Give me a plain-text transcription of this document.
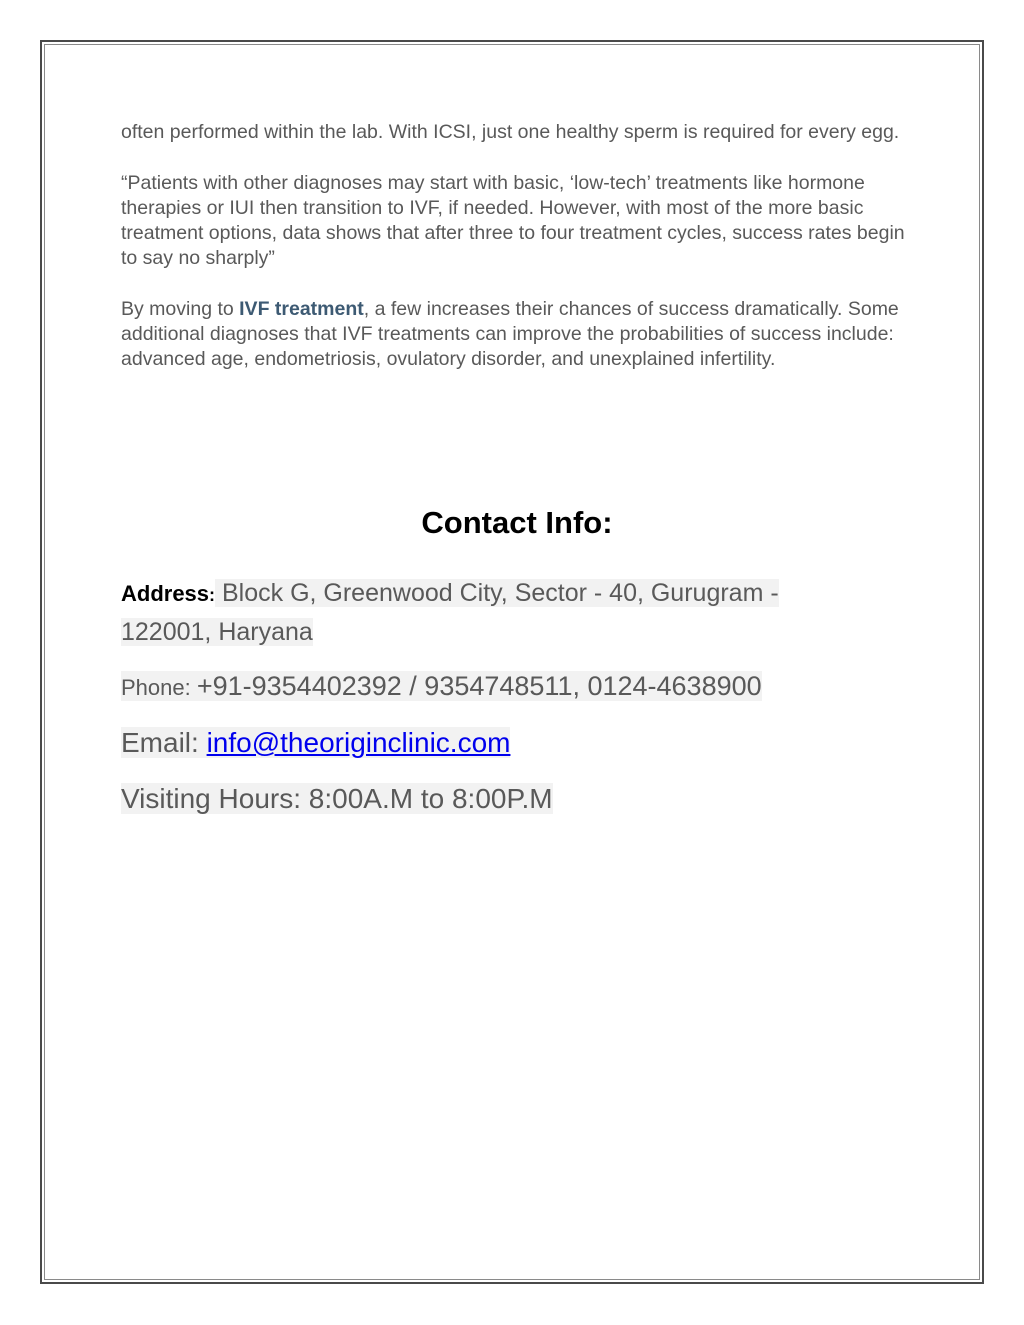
often performed within the lab. With ICSI, just one healthy sperm is required for every egg.

“Patients with other diagnoses may start with basic, ‘low-tech’ treatments like hormone therapies or IUI then transition to IVF, if needed. However, with most of the more basic treatment options, data shows that after three to four treatment cycles, success rates begin to say no sharply”

By moving to IVF treatment, a few increases their chances of success dramatically. Some additional diagnoses that IVF treatments can improve the probabilities of success include: advanced age, endometriosis, ovulatory disorder, and unexplained infertility.

Contact Info:
Address: Block G, Greenwood City, Sector - 40, Gurugram -
122001, Haryana
Phone: +91-9354402392 / 9354748511, 0124-4638900
Email: info@theoriginclinic.com
Visiting Hours: 8:00A.M to 8:00P.M
